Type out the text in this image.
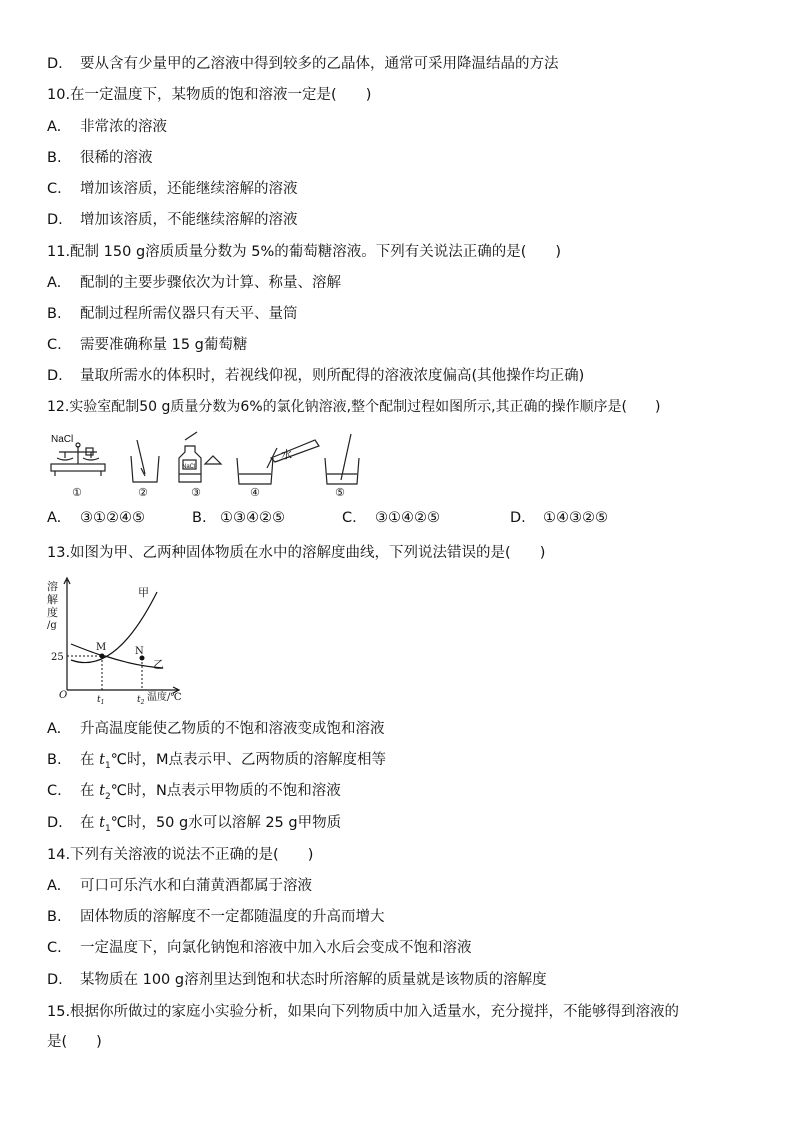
D. 要从含有少量甲的乙溶液中得到较多的乙晶体，通常可采用降温结晶的方法
10.在一定温度下，某物质的饱和溶液一定是(　　)
A. 非常浓的溶液
B. 很稀的溶液
C. 增加该溶质，还能继续溶解的溶液
D. 增加该溶质，不能继续溶解的溶液
11.配制 150 g溶质质量分数为 5%的葡萄糖溶液。下列有关说法正确的是(　　)
A. 配制的主要步骤依次为计算、称量、溶解
B. 配制过程所需仪器只有天平、量筒
C. 需要准确称量 15 g葡萄糖
D. 量取所需水的体积时，若视线仰视，则所配得的溶液浓度偏高(其他操作均正确)
12.实验室配制50 g质量分数为6%的氯化钠溶液,整个配制过程如图所示,其正确的操作顺序是(　　)
NaCl
NaCl
水
①	②	③	④	⑤
A. ③①②④⑤	B. ①③④②⑤	C. ③①④②⑤	D. ①④③②⑤
13.如图为甲、乙两种固体物质在水中的溶解度曲线，下列说法错误的是(　　)
溶
解
度
/g
M	N
甲
乙
25
O	$t_1$	$t_2$ 温度/℃
A. 升高温度能使乙物质的不饱和溶液变成饱和溶液
B. 在 $t_1℃$时，M点表示甲、乙两物质的溶解度相等
C. 在 $t_2℃$时，N点表示甲物质的不饱和溶液
D. 在 $t_1℃$时，50 g水可以溶解 25 g甲物质
14.下列有关溶液的说法不正确的是(　　)
A. 可口可乐汽水和白蒲黄酒都属于溶液
B. 固体物质的溶解度不一定都随温度的升高而增大
C. 一定温度下，向氯化钠饱和溶液中加入水后会变成不饱和溶液
D. 某物质在 100 g溶剂里达到饱和状态时所溶解的质量就是该物质的溶解度
15.根据你所做过的家庭小实验分析，如果向下列物质中加入适量水，充分搅拌，不能够得到溶液的
是(　　)
